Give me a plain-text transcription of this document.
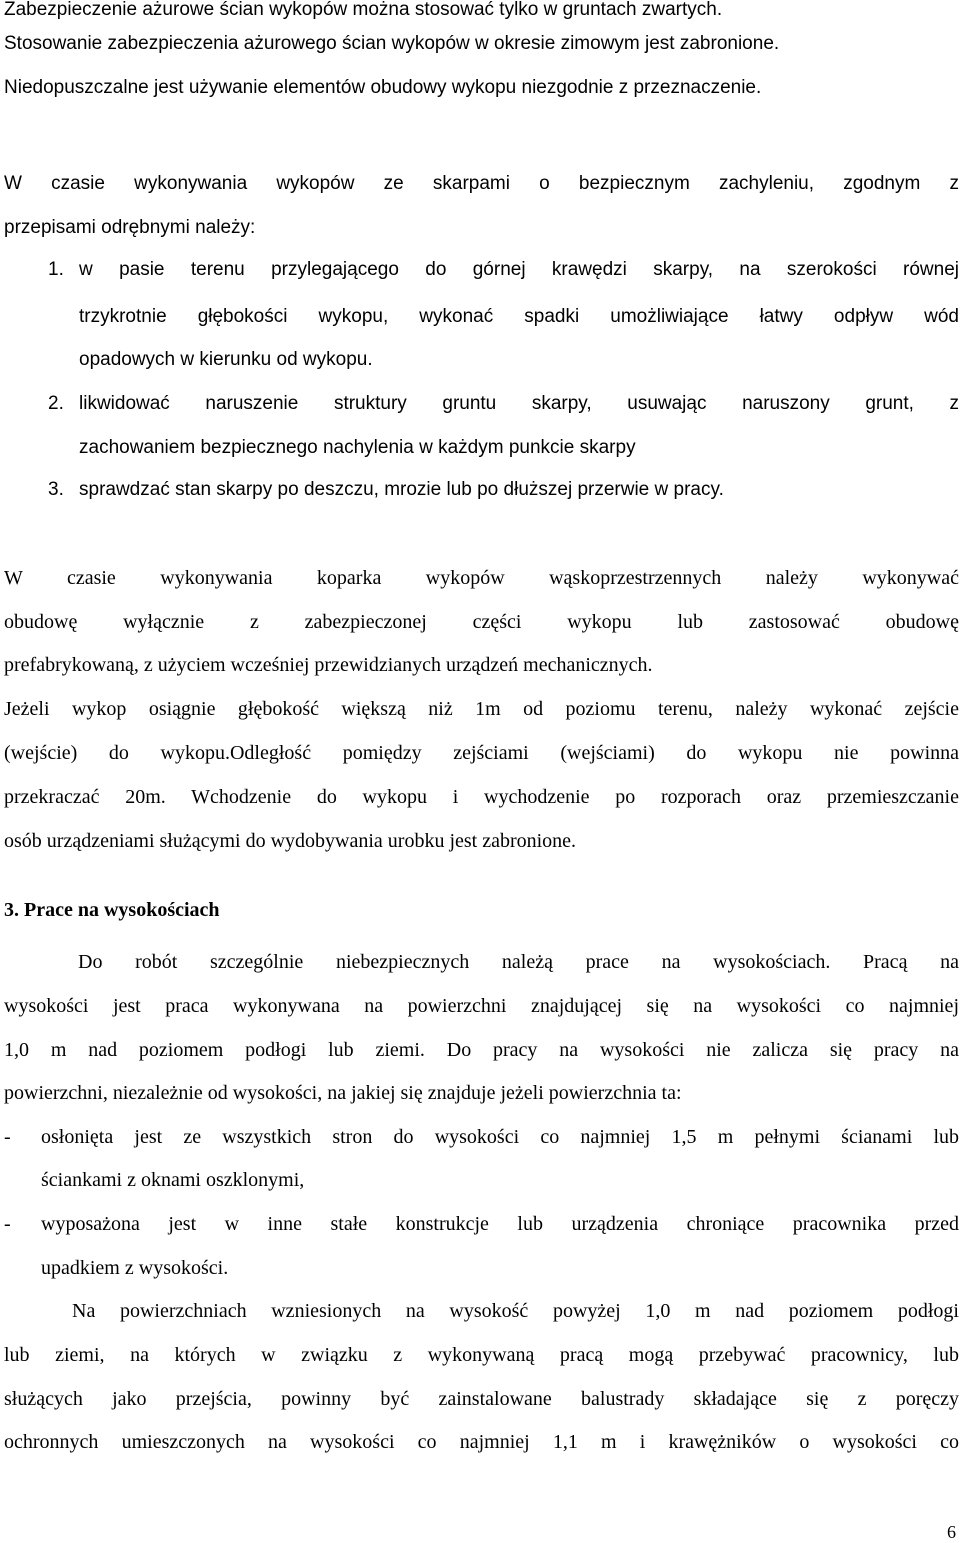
Zabezpieczenie ażurowe ścian wykopów można stosować tylko w gruntach zwartych.
Stosowanie zabezpieczenia ażurowego ścian wykopów w okresie zimowym jest zabronione.
Niedopuszczalne jest używanie elementów obudowy wykopu niezgodnie z przeznaczenie.
W czasie wykonywania wykopów ze skarpami o bezpiecznym zachyleniu, zgodnym z
przepisami odrębnymi należy:
1. w pasie terenu przylegającego do górnej krawędzi skarpy, na szerokości równej
trzykrotnie głębokości wykopu, wykonać spadki umożliwiające łatwy odpływ wód
opadowych w kierunku od wykopu.
2. likwidować naruszenie struktury gruntu skarpy, usuwając naruszony grunt, z
zachowaniem bezpiecznego nachylenia w każdym punkcie skarpy
3. sprawdzać stan skarpy po deszczu, mrozie lub po dłuższej przerwie w pracy.
W czasie wykonywania koparka wykopów wąskoprzestrzennych należy wykonywać
obudowę wyłącznie z zabezpieczonej części wykopu lub zastosować obudowę
prefabrykowaną, z użyciem wcześniej przewidzianych urządzeń mechanicznych.
Jeżeli wykop osiągnie głębokość większą niż 1m od poziomu terenu, należy wykonać zejście
(wejście) do wykopu.Odległość pomiędzy zejściami (wejściami) do wykopu nie powinna
przekraczać 20m. Wchodzenie do wykopu i wychodzenie po rozporach oraz przemieszczanie
osób urządzeniami służącymi do wydobywania urobku jest zabronione.
3. Prace na wysokościach
Do robót szczególnie niebezpiecznych należą prace na wysokościach. Pracą na
wysokości jest praca wykonywana na powierzchni znajdującej się na wysokości co najmniej
1,0 m nad poziomem podłogi lub ziemi. Do pracy na wysokości nie zalicza się pracy na
powierzchni, niezależnie od wysokości, na jakiej się znajduje jeżeli powierzchnia ta:
- osłonięta jest ze wszystkich stron do wysokości co najmniej 1,5 m pełnymi ścianami lub
ściankami z oknami oszklonymi,
- wyposażona jest w inne stałe konstrukcje lub urządzenia chroniące pracownika przed
upadkiem z wysokości.
Na powierzchniach wzniesionych na wysokość powyżej 1,0 m nad poziomem podłogi
lub ziemi, na których w związku z wykonywaną pracą mogą przebywać pracownicy, lub
służących jako przejścia, powinny być zainstalowane balustrady składające się z poręczy
ochronnych umieszczonych na wysokości co najmniej 1,1 m i krawężników o wysokości co
6
